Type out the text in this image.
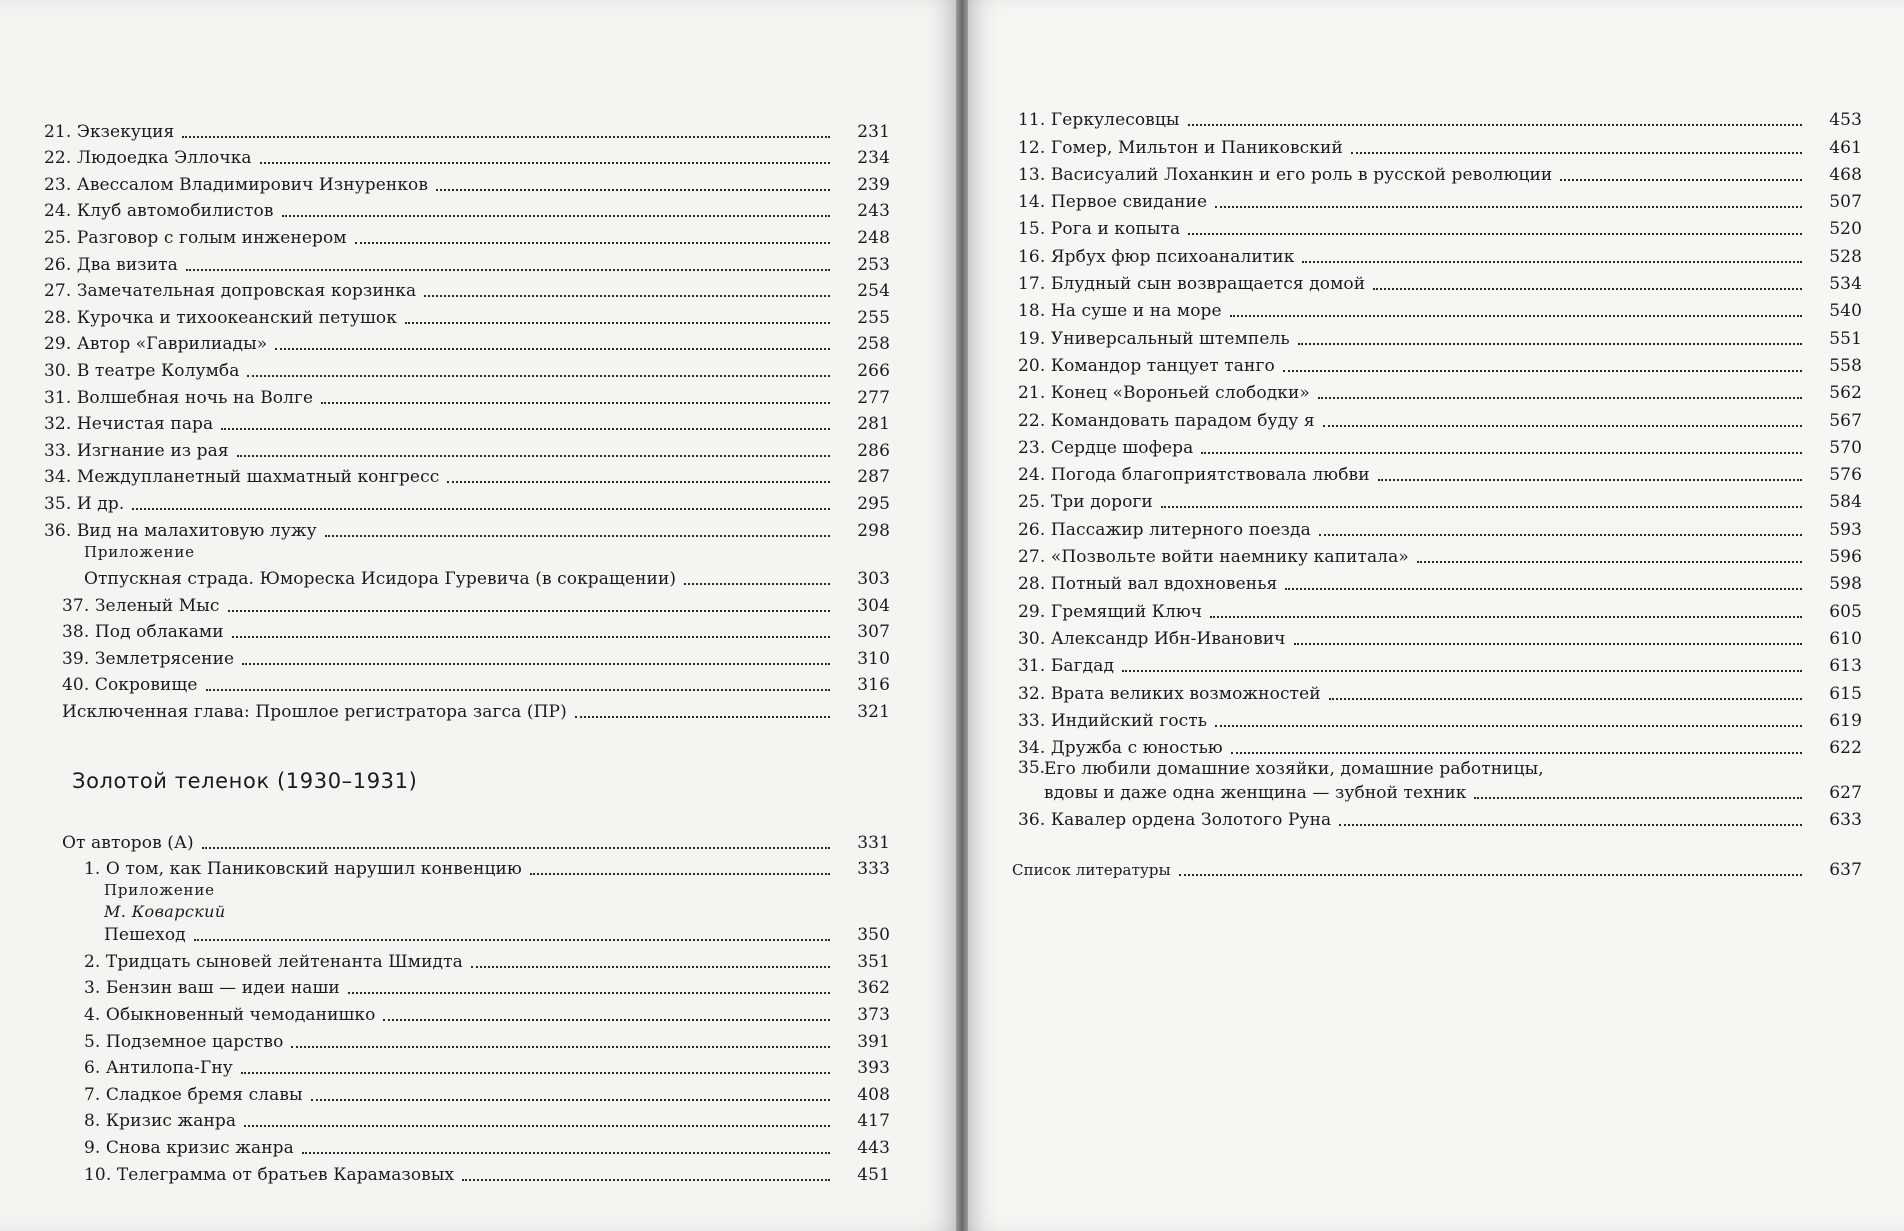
21. Экзекуция	231
22. Людоедка Эллочка	234
23. Авессалом Владимирович Изнуренков	239
24. Клуб автомобилистов	243
25. Разговор с голым инженером	248
26. Два визита	253
27. Замечательная допровская корзинка	254
28. Курочка и тихоокеанский петушок	255
29. Автор «Гаврилиады»	258
30. В театре Колумба	266
31. Волшебная ночь на Волге	277
32. Нечистая пара	281
33. Изгнание из рая	286
34. Междупланетный шахматный конгресс	287
35. И др.	295
36. Вид на малахитовую лужу	298
Приложение
Отпускная страда. Юмореска Исидора Гуревича (в сокращении)	303
37. Зеленый Мыс	304
38. Под облаками	307
39. Землетрясение	310
40. Сокровище	316
Исключенная глава: Прошлое регистратора загса (ПР)	321
Золотой теленок (1930–1931)
От авторов (А)	331
1. О том, как Паниковский нарушил конвенцию	333
Приложение
М. Коварский
Пешеход	350
2. Тридцать сыновей лейтенанта Шмидта	351
3. Бензин ваш — идеи наши	362
4. Обыкновенный чемоданишко	373
5. Подземное царство	391
6. Антилопа-Гну	393
7. Сладкое бремя славы	408
8. Кризис жанра	417
9. Снова кризис жанра	443
10. Телеграмма от братьев Карамазовых	451
11. Геркулесовцы	453
12. Гомер, Мильтон и Паниковский	461
13. Васисуалий Лоханкин и его роль в русской революции	468
14. Первое свидание	507
15. Рога и копыта	520
16. Ярбух фюр психоаналитик	528
17. Блудный сын возвращается домой	534
18. На суше и на море	540
19. Универсальный штемпель	551
20. Командор танцует танго	558
21. Конец «Вороньей слободки»	562
22. Командовать парадом буду я	567
23. Сердце шофера	570
24. Погода благоприятствовала любви	576
25. Три дороги	584
26. Пассажир литерного поезда	593
27. «Позвольте войти наемнику капитала»	596
28. Потный вал вдохновенья	598
29. Гремящий Ключ	605
30. Александр Ибн-Иванович	610
31. Багдад	613
32. Врата великих возможностей	615
33. Индийский гость	619
34. Дружба с юностью	622
35.
Его любили домашние хозяйки, домашние работницы,
вдовы и даже одна женщина — зубной техник	627
36. Кавалер ордена Золотого Руна	633
Список литературы	637
